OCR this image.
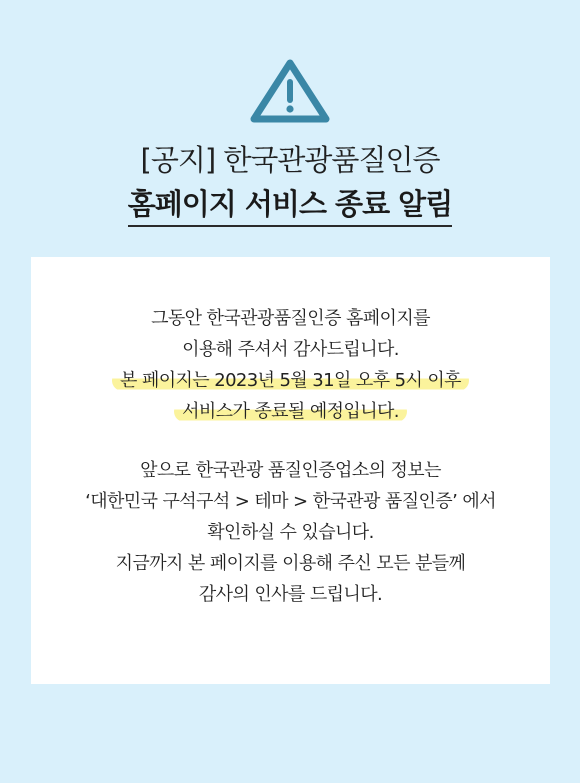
[공지] 한국관광품질인증
홈페이지 서비스 종료 알림
그동안 한국관광품질인증 홈페이지를
이용해 주셔서 감사드립니다.
본 페이지는 2023년 5월 31일 오후 5시 이후
서비스가 종료될 예정입니다.
앞으로 한국관광 품질인증업소의 정보는
‘대한민국 구석구석 > 테마 > 한국관광 품질인증’ 에서
확인하실 수 있습니다.
지금까지 본 페이지를 이용해 주신 모든 분들께
감사의 인사를 드립니다.
